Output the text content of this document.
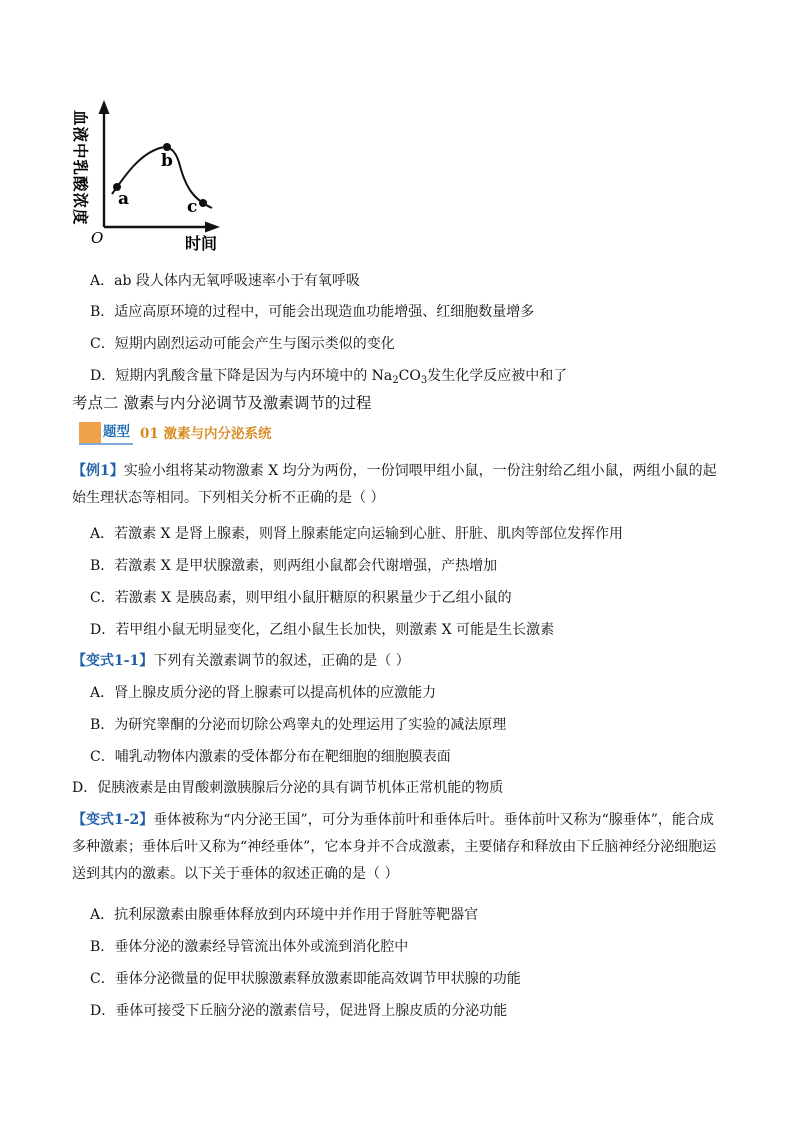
a
b
c
O	时间
血液中乳酸浓度
A．ab 段人体内无氧呼吸速率小于有氧呼吸
B．适应高原环境的过程中，可能会出现造血功能增强、红细胞数量增多
C．短期内剧烈运动可能会产生与图示类似的变化
D．短期内乳酸含量下降是因为与内环境中的 $Na_2CO_3$发生化学反应被中和了
考点二 激素与内分泌调节及激素调节的过程
题型 01 激素与内分泌系统
【例1】实验小组将某动物激素 X 均分为两份，一份饲喂甲组小鼠，一份注射给乙组小鼠，两组小鼠的起始生理状态等相同。下列相关分析不正确的是（ ）
A．若激素 X 是肾上腺素，则肾上腺素能定向运输到心脏、肝脏、肌肉等部位发挥作用
B．若激素 X 是甲状腺激素，则两组小鼠都会代谢增强，产热增加
C．若激素 X 是胰岛素，则甲组小鼠肝糖原的积累量少于乙组小鼠的
D．若甲组小鼠无明显变化，乙组小鼠生长加快，则激素 X 可能是生长激素
【变式1-1】下列有关激素调节的叙述，正确的是（ ）
A．肾上腺皮质分泌的肾上腺素可以提高机体的应激能力
B．为研究睾酮的分泌而切除公鸡睾丸的处理运用了实验的减法原理
C．哺乳动物体内激素的受体都分布在靶细胞的细胞膜表面
D．促胰液素是由胃酸刺激胰腺后分泌的具有调节机体正常机能的物质
【变式1-2】垂体被称为“内分泌王国”，可分为垂体前叶和垂体后叶。垂体前叶又称为“腺垂体”，能合成多种激素；垂体后叶又称为“神经垂体”，它本身并不合成激素，主要储存和释放由下丘脑神经分泌细胞运送到其内的激素。以下关于垂体的叙述正确的是（ ）
A．抗利尿激素由腺垂体释放到内环境中并作用于肾脏等靶器官
B．垂体分泌的激素经导管流出体外或流到消化腔中
C．垂体分泌微量的促甲状腺激素释放激素即能高效调节甲状腺的功能
D．垂体可接受下丘脑分泌的激素信号，促进肾上腺皮质的分泌功能
